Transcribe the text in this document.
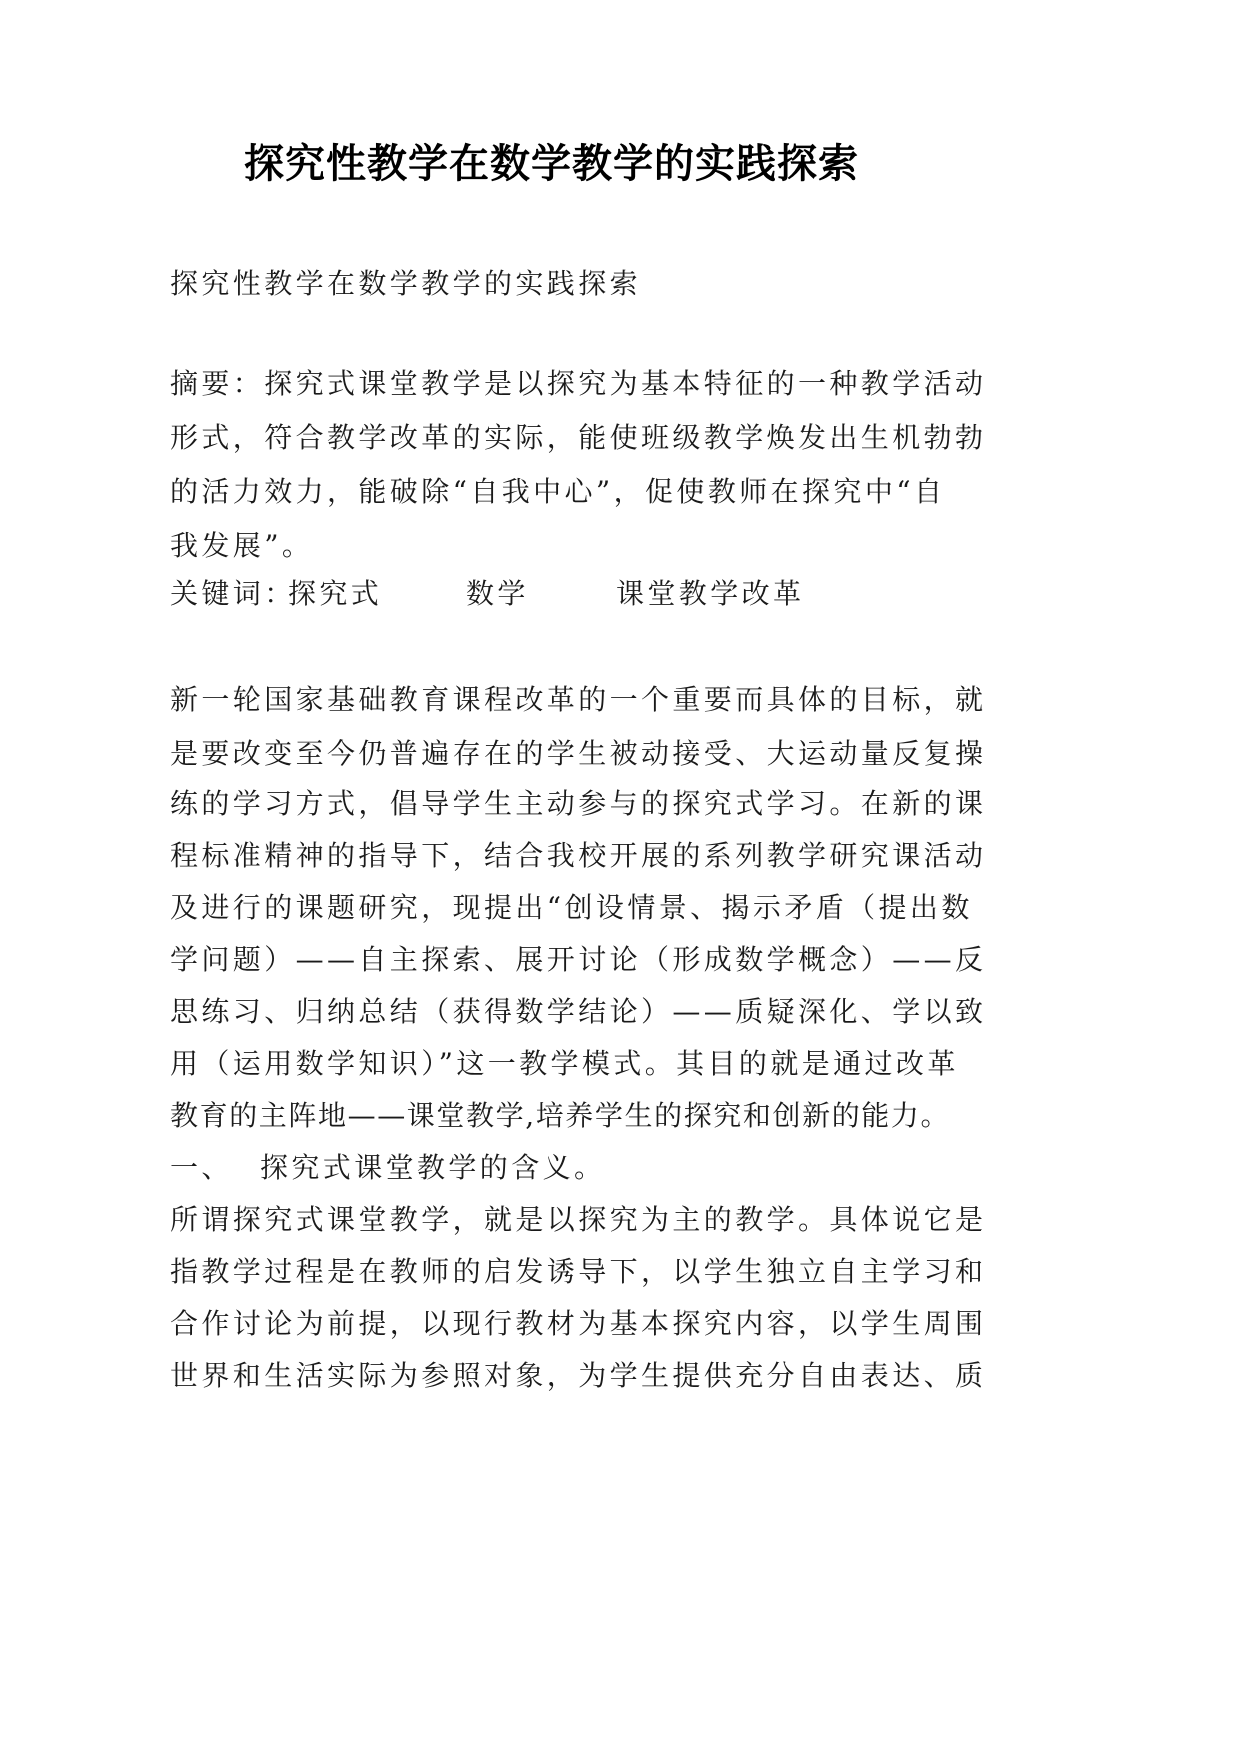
探究性教学在数学教学的实践探索
探究性教学在数学教学的实践探索
摘要：探究式课堂教学是以探究为基本特征的一种教学活动
形式，符合教学改革的实际，能使班级教学焕发出生机勃勃
的活力效力，能破除“自我中心”，促使教师在探究中“自
我发展”。
关键词：
探究式	数学	课堂教学改革
新一轮国家基础教育课程改革的一个重要而具体的目标，就
是要改变至今仍普遍存在的学生被动接受、大运动量反复操
练的学习方式，倡导学生主动参与的探究式学习。在新的课
程标准精神的指导下，结合我校开展的系列教学研究课活动
及进行的课题研究，现提出“创设情景、揭示矛盾（提出数
学问题）——自主探索、展开讨论（形成数学概念）——反
思练习、归纳总结（获得数学结论）——质疑深化、学以致
用（运用数学知识）”这一教学模式。其目的就是通过改革
教育的主阵地——课堂教学,培养学生的探究和创新的能力。
一、 探究式课堂教学的含义。
所谓探究式课堂教学，就是以探究为主的教学。具体说它是
指教学过程是在教师的启发诱导下，以学生独立自主学习和
合作讨论为前提，以现行教材为基本探究内容，以学生周围
世界和生活实际为参照对象，为学生提供充分自由表达、质
